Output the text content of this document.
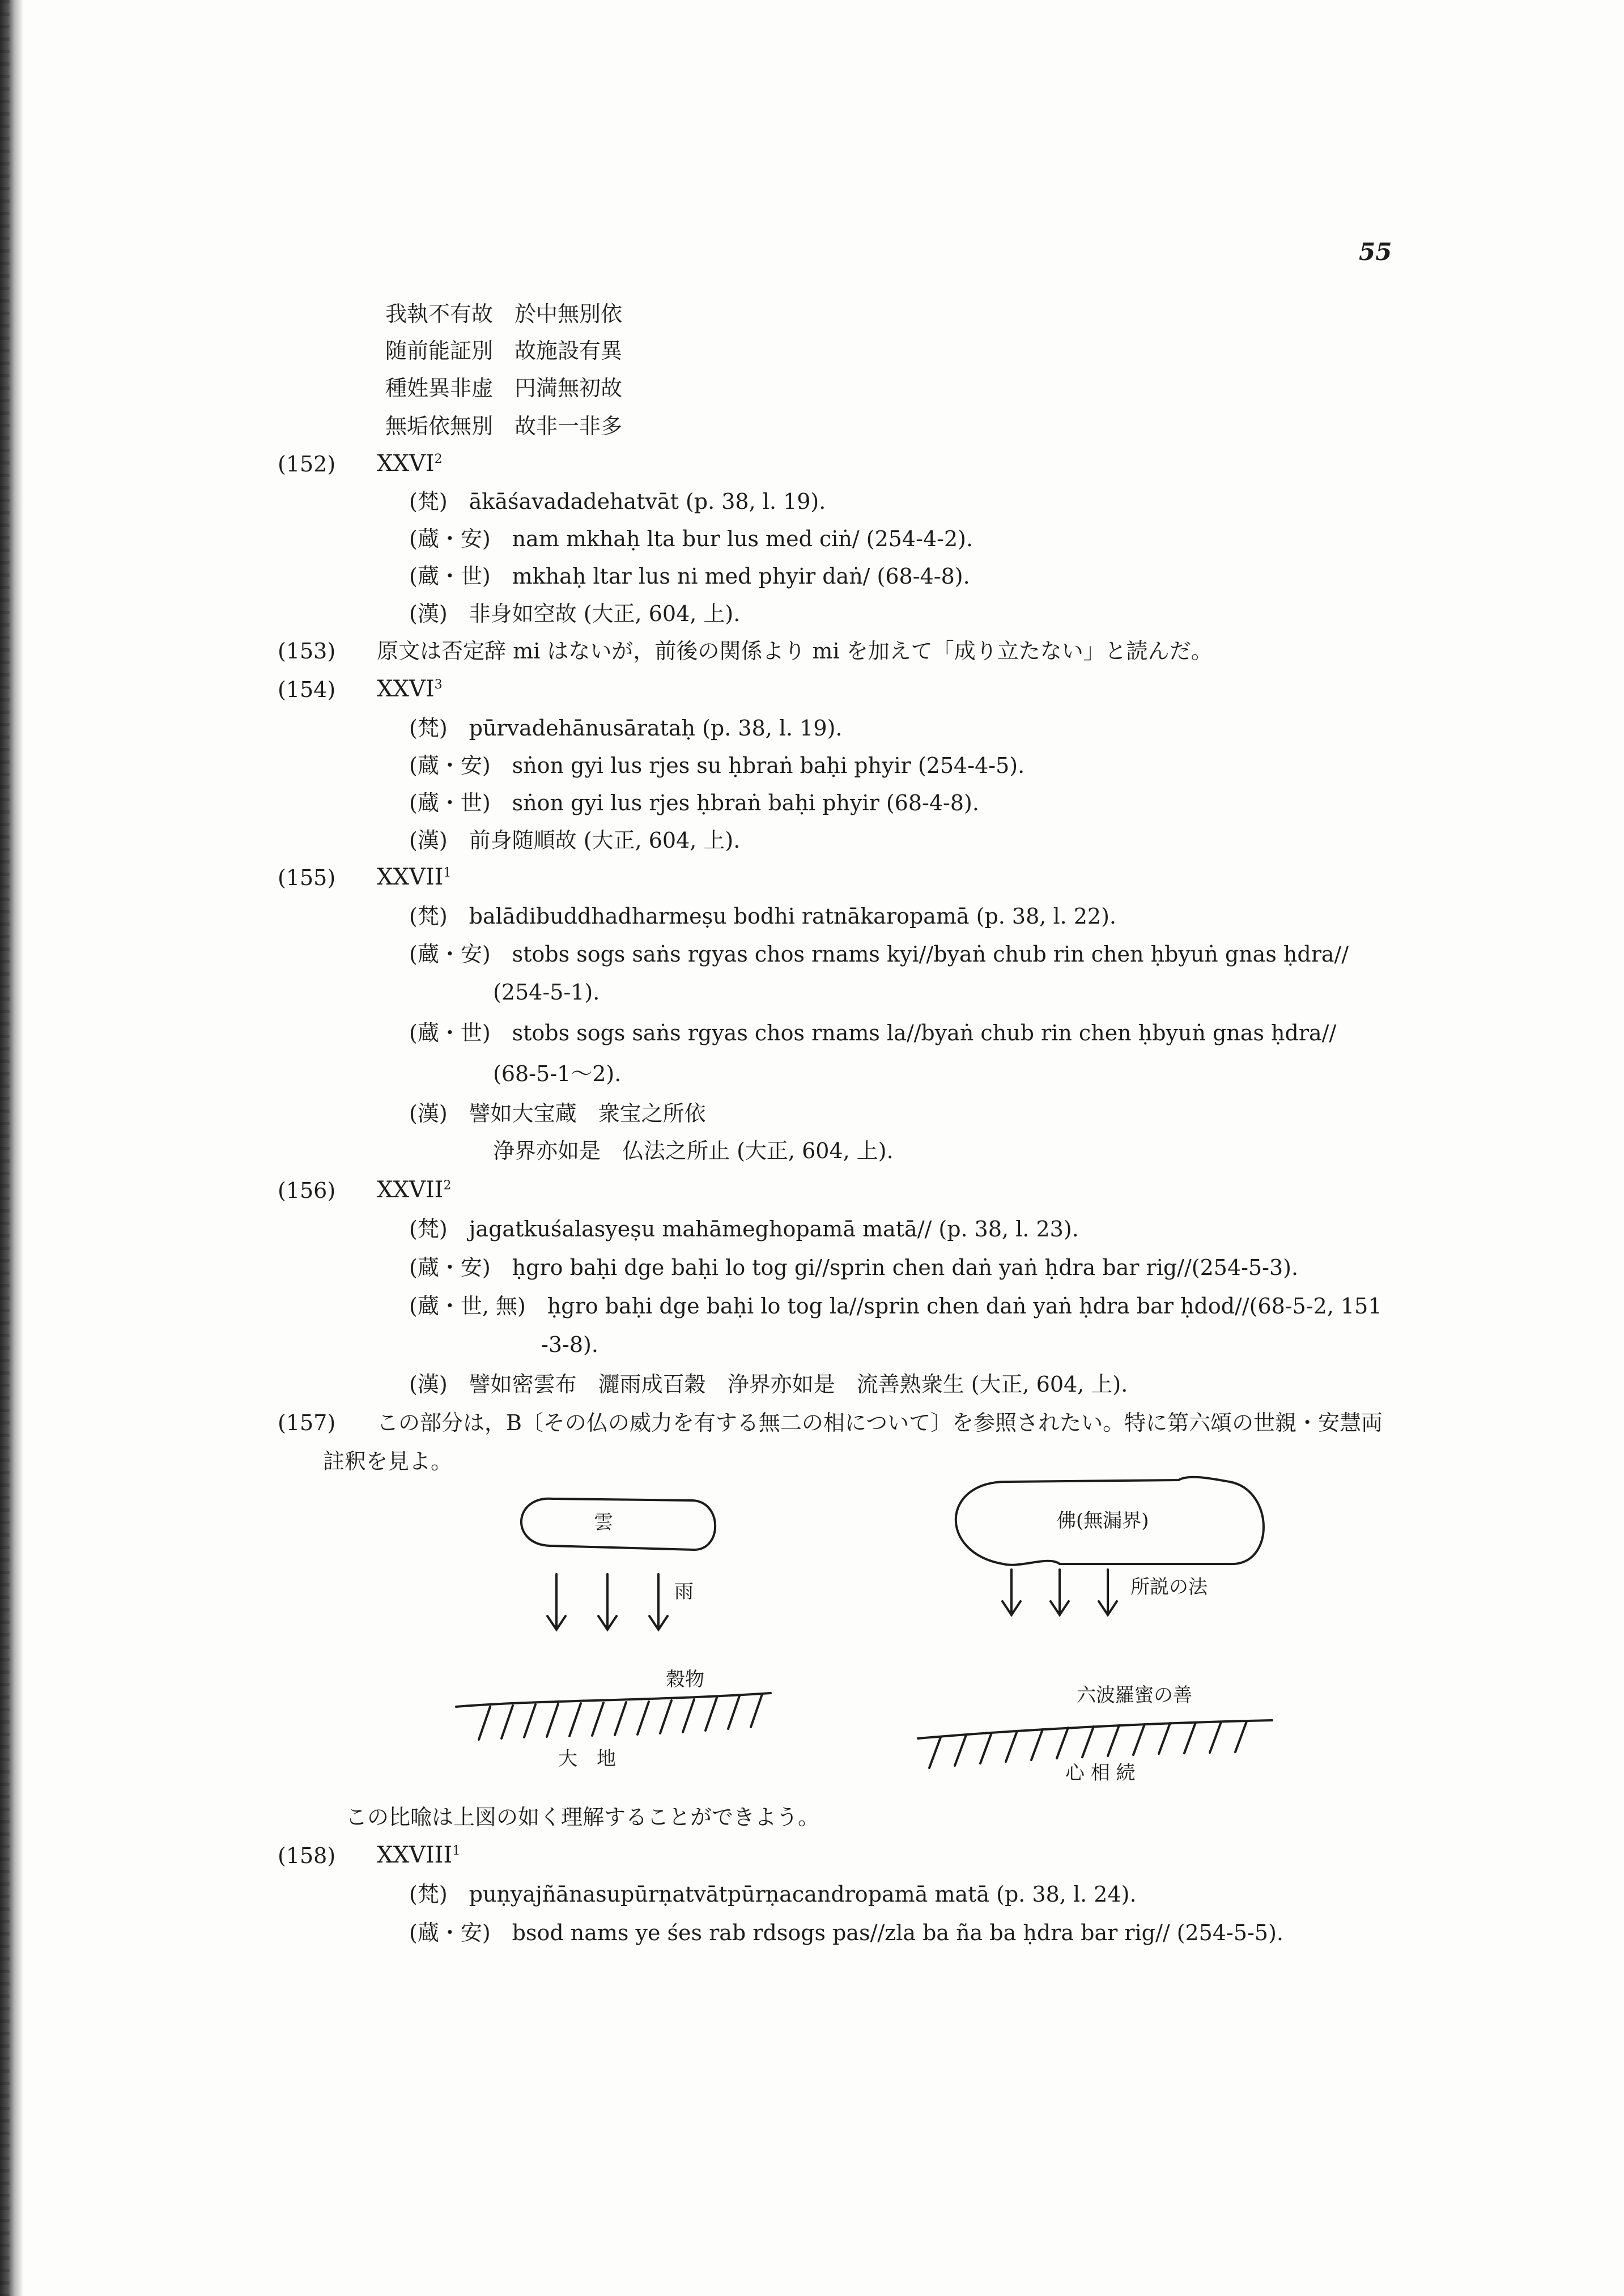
55
我執不有故　於中無別依
随前能証別　故施設有異
種姓異非虚　円満無初故
無垢依無別　故非一非多
(152) XXVI$^2$
(梵)　ākāśavadadehatvāt (p. 38, l. 19).
(蔵・安)　nam mkhaḥ lta bur lus med ciṅ/ (254-4-2).
(蔵・世)　mkhaḥ ltar lus ni med phyir daṅ/ (68-4-8).
(漢)　非身如空故 (大正, 604, 上).
(153) 原文は否定辞 mi はないが，前後の関係より mi を加えて「成り立たない」と読んだ。
(154) XXVI$^3$
(梵)　pūrvadehānusārataḥ (p. 38, l. 19).
(蔵・安)　sṅon gyi lus rjes su ḥbraṅ baḥi phyir (254-4-5).
(蔵・世)　sṅon gyi lus rjes ḥbraṅ baḥi phyir (68-4-8).
(漢)　前身随順故 (大正, 604, 上).
(155) XXVII$^1$
(梵)　balādibuddhadharmeṣu bodhi ratnākaropamā (p. 38, l. 22).
(蔵・安)　stobs sogs saṅs rgyas chos rnams kyi//byaṅ chub rin chen ḥbyuṅ gnas ḥdra//
(254-5-1).
(蔵・世)　stobs sogs saṅs rgyas chos rnams la//byaṅ chub rin chen ḥbyuṅ gnas ḥdra//
(68-5-1〜2).
(漢)　譬如大宝蔵　衆宝之所依
浄界亦如是　仏法之所止 (大正, 604, 上).
(156) XXVII$^2$
(梵)　jagatkuśalasyeṣu mahāmeghopamā matā// (p. 38, l. 23).
(蔵・安)　ḥgro baḥi dge baḥi lo tog gi//sprin chen daṅ yaṅ ḥdra bar rig//(254-5-3).
(蔵・世, 無)　ḥgro baḥi dge baḥi lo tog la//sprin chen daṅ yaṅ ḥdra bar ḥdod//(68-5-2, 151
-3-8).
(漢)　譬如密雲布　灑雨成百穀　浄界亦如是　流善熟衆生 (大正, 604, 上).
(157) この部分は，B〔その仏の威力を有する無二の相について〕を参照されたい。特に第六頌の世親・安慧両
註釈を見よ。
雲
雨
穀物
大　地
佛(無漏界)
所説の法
六波羅蜜の善
心 相 続
この比喩は上図の如く理解することができよう。
(158) XXVIII$^1$
(梵)　puṇyajñānasupūrṇatvātpūrṇacandropamā matā (p. 38, l. 24).
(蔵・安)　bsod nams ye śes rab rdsogs pas//zla ba ña ba ḥdra bar rig// (254-5-5).
